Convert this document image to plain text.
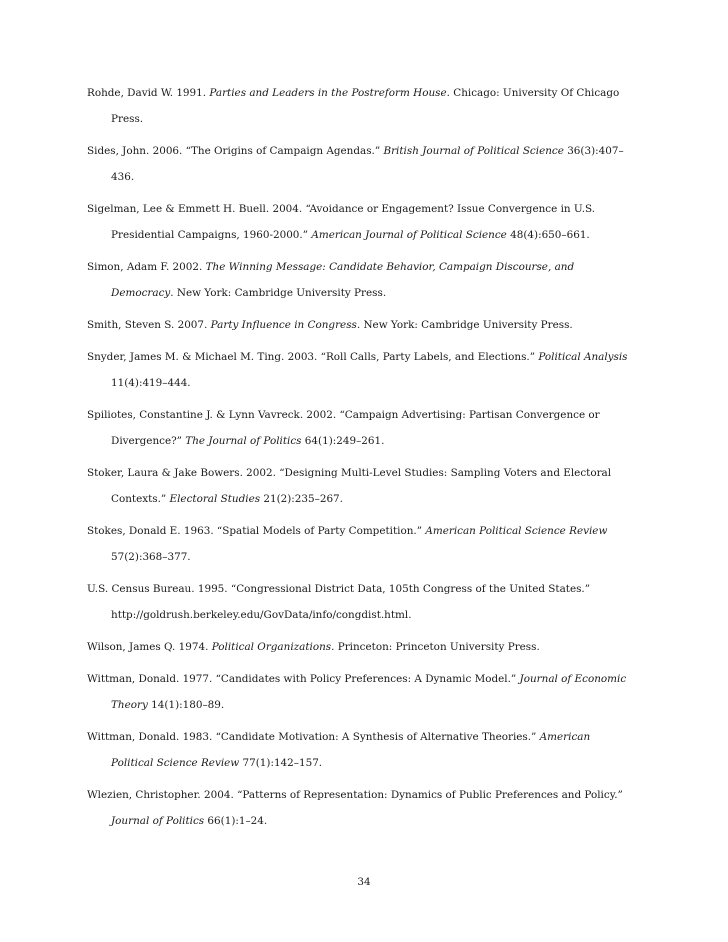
Rohde, David W. 1991. Parties and Leaders in the Postreform House. Chicago: University Of Chicago Press.

Sides, John. 2006. “The Origins of Campaign Agendas.” British Journal of Political Science 36(3):407–436.

Sigelman, Lee & Emmett H. Buell. 2004. “Avoidance or Engagement? Issue Convergence in U.S. Presidential Campaigns, 1960-2000.” American Journal of Political Science 48(4):650–661.

Simon, Adam F. 2002. The Winning Message: Candidate Behavior, Campaign Discourse, and Democracy. New York: Cambridge University Press.

Smith, Steven S. 2007. Party Influence in Congress. New York: Cambridge University Press.

Snyder, James M. & Michael M. Ting. 2003. “Roll Calls, Party Labels, and Elections.” Political Analysis 11(4):419–444.

Spiliotes, Constantine J. & Lynn Vavreck. 2002. “Campaign Advertising: Partisan Convergence or Divergence?” The Journal of Politics 64(1):249–261.

Stoker, Laura & Jake Bowers. 2002. “Designing Multi-Level Studies: Sampling Voters and Electoral Contexts.” Electoral Studies 21(2):235–267.

Stokes, Donald E. 1963. “Spatial Models of Party Competition.” American Political Science Review 57(2):368–377.

U.S. Census Bureau. 1995. “Congressional District Data, 105th Congress of the United States.” http://goldrush.berkeley.edu/GovData/info/congdist.html.

Wilson, James Q. 1974. Political Organizations. Princeton: Princeton University Press.

Wittman, Donald. 1977. “Candidates with Policy Preferences: A Dynamic Model.” Journal of Economic Theory 14(1):180–89.

Wittman, Donald. 1983. “Candidate Motivation: A Synthesis of Alternative Theories.” American Political Science Review 77(1):142–157.

Wlezien, Christopher. 2004. “Patterns of Representation: Dynamics of Public Preferences and Policy.” Journal of Politics 66(1):1–24.

34
